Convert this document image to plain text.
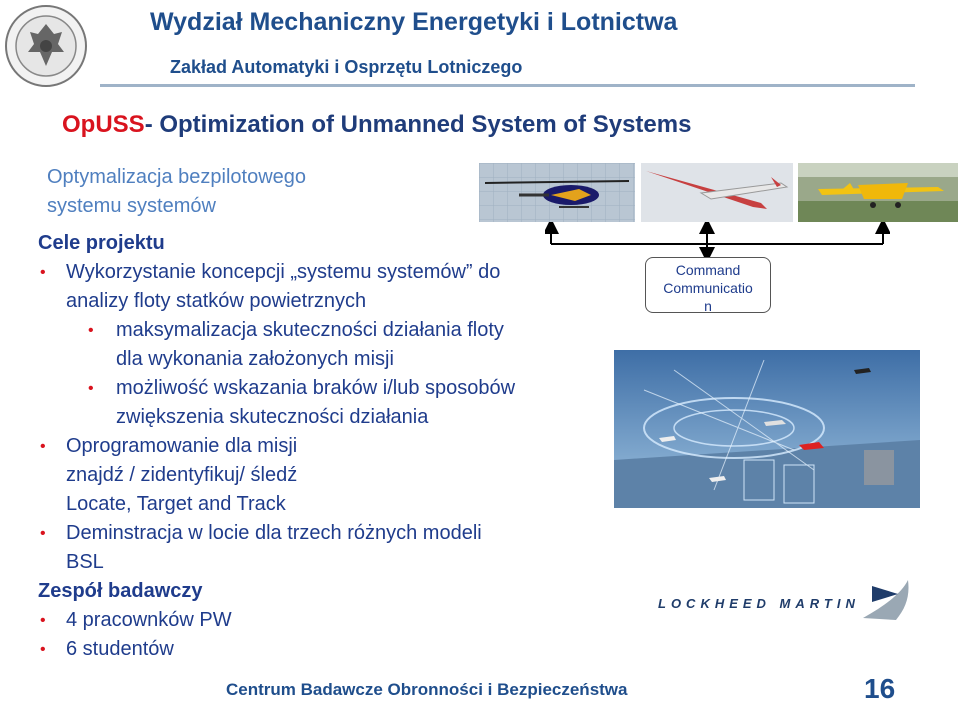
Wydział Mechaniczny Energetyki i Lotnictwa
Zakład Automatyki i Osprzętu Lotniczego
OpUSS- Optimization of Unmanned System of Systems
Optymalizacja bezpilotowego
systemu systemów
Cele projektu
• Wykorzystanie koncepcji „systemu systemów” do
analizy floty statków powietrznych
• maksymalizacja skuteczności działania floty
dla wykonania założonych misji
• możliwość wskazania braków i/lub sposobów
zwiększenia skuteczności działania
• Oprogramowanie dla misji
znajdź / zidentyfikuj/ śledź
Locate, Target and Track
• Deminstracja w locie dla trzech różnych modeli
BSL
Zespół badawczy
• 4 pracownków PW
• 6 studentów
Command
Communicatio
n
LOCKHEED MARTIN
Centrum Badawcze Obronności i Bezpieczeństwa	16
